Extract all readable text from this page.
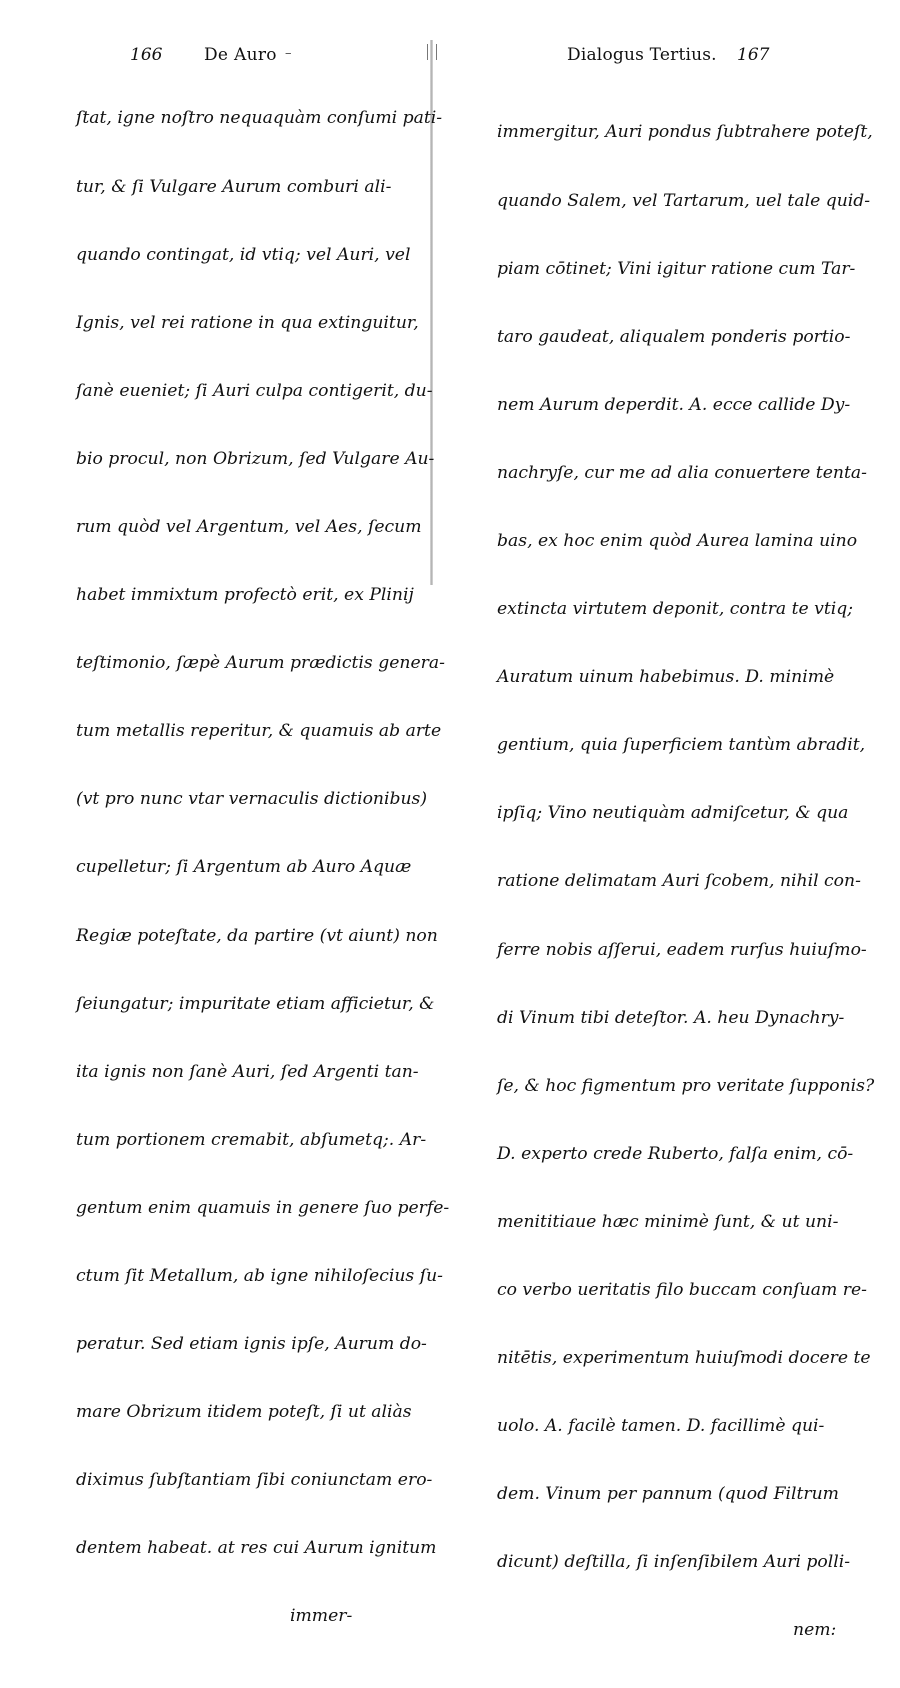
166 De Auro –

ſtat, igne noſtro nequaquàm conſumi pati-

tur, & ſi Vulgare Aurum comburi ali-

quando contingat, id vtiq; vel Auri, vel

Ignis, vel rei ratione in qua extinguitur,

ſanè eueniet; ſi Auri culpa contigerit, du-

bio procul, non Obrizum, ſed Vulgare Au-

rum quòd vel Argentum, vel Aes, ſecum

habet immixtum profectò erit, ex Plinij

teſtimonio, ſæpè Aurum prædictis genera-

tum metallis reperitur, & quamuis ab arte

(vt pro nunc vtar vernaculis dictionibus)

cupelletur; ſi Argentum ab Auro Aquæ

Regiæ poteſtate, da partire (vt aiunt) non

ſeiungatur; impuritate etiam afficietur, &

ita ignis non ſanè Auri, ſed Argenti tan-

tum portionem cremabit, abſumetq;. Ar-

gentum enim quamuis in genere ſuo perfe-

ctum ſit Metallum, ab igne nihiloſecius ſu-

peratur. Sed etiam ignis ipſe, Aurum do-

mare Obrizum itidem poteſt, ſi ut aliàs

diximus ſubſtantiam ſibi coniunctam ero-

dentem habeat. at res cui Aurum ignitum

immer-

Dialogus Tertius. 167

immergitur, Auri pondus ſubtrahere poteſt,

quando Salem, vel Tartarum, uel tale quid-

piam cōtinet; Vini igitur ratione cum Tar-

taro gaudeat, aliqualem ponderis portio-

nem Aurum deperdit. A. ecce callide Dy-

nachryſe, cur me ad alia conuertere tenta-

bas, ex hoc enim quòd Aurea lamina uino

extincta virtutem deponit, contra te vtiq;

Auratum uinum habebimus. D. minimè

gentium, quia ſuperficiem tantùm abradit,

ipſiq; Vino neutiquàm admiſcetur, & qua

ratione delimatam Auri ſcobem, nihil con-

ferre nobis aſſerui, eadem rurſus huiuſmo-

di Vinum tibi deteſtor. A. heu Dynachry-

ſe, & hoc figmentum pro veritate ſupponis?

D. experto crede Ruberto, falſa enim, cō-

menititiaue hæc minimè ſunt, & ut uni-

co verbo ueritatis filo buccam conſuam re-

nitētis, experimentum huiuſmodi docere te

uolo. A. facilè tamen. D. facillimè qui-

dem. Vinum per pannum (quod Filtrum

dicunt) deſtilla, ſi inſenſibilem Auri polli-

nem:
